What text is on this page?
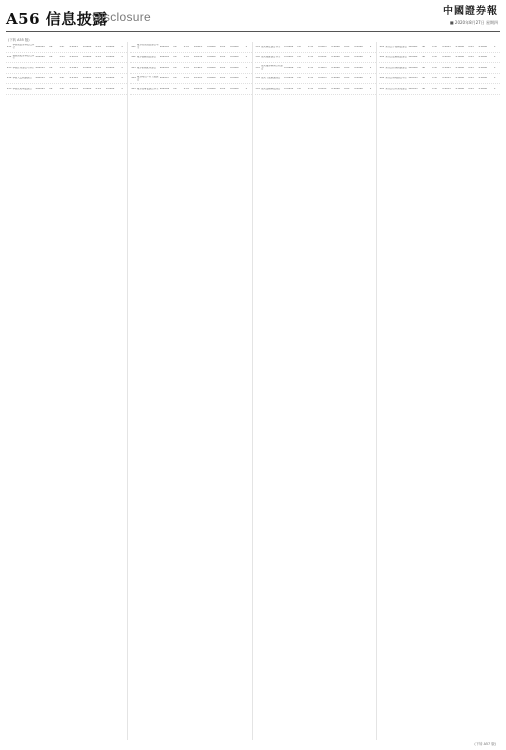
A56 信息披露
Disclosure	中國證券報
■ 2020年8月27日 星期四
(下转 A55 版)
251 华夏成长证券投资基金	000001	HK	1.47	0.2023	0.0000	0.01	0.0000	1
252 华夏回报证券投资基金	002001	HK	1.35	0.2052	0.0000	0.01	0.0000	1
253 华夏红利混合型基金 002011	HK	1.35	0.1923	0.0000	0.01	0.0000	1
254 华夏大盘精选混合	000011	HK	1.47	0.2103	0.0000	0.01	0.0000	1
255 华夏优势增长混合	000021	HK	1.47	0.2031	0.0000	0.01	0.0000	1
301 南方绩优成长混合基金	202003	HK	1.35	0.2023	0.0000	0.01	0.0000	1
302 南方稳健成长混合	202001	HK	1.35	0.2052	0.0000	0.01	0.0000	1
303 南方积极配置混合	202005	HK	1.35	0.1923	0.0000	0.01	0.0000	1
304 南方隆元产业主题混合	202007	HK	1.35	0.2103	0.0000	0.01	0.0000	1
305 南方高增长混合基金 202009	HK	1.35	0.2031	0.0000	0.01	0.0000	1
351 嘉实增长混合基金	070002	HK	1.35	0.2023	0.0000	0.01	0.0000	1
352 嘉实稳健混合基金	070003	HK	1.35	0.2052	0.0000	0.01	0.0000	1
353 嘉实服务增值行业混合	070006	HK	1.35	0.1923	0.0000	0.01	0.0000	1
354 嘉实主题精选混合	070010	HK	1.35	0.2103	0.0000	0.01	0.0000	1
355 嘉实策略增长混合	070011	HK	1.35	0.2031	0.0000	0.01	0.0000	1
401 易方达平稳增长混合 110001	HK	1.47	0.2023	0.0000	0.01	0.0000	1
402 易方达策略成长混合 110002	HK	1.47	0.2052	0.0000	0.01	0.0000	1
403 易方达价值精选混合 110009	HK	1.47	0.1923	0.0000	0.01	0.0000	1
404 易方达科翔混合基金 110013	HK	1.47	0.2103	0.0000	0.01	0.0000	1
405 易方达行业领先混合 110015	HK	1.47	0.2031	0.0000	0.01	0.0000	1
(下转 A57 版)
